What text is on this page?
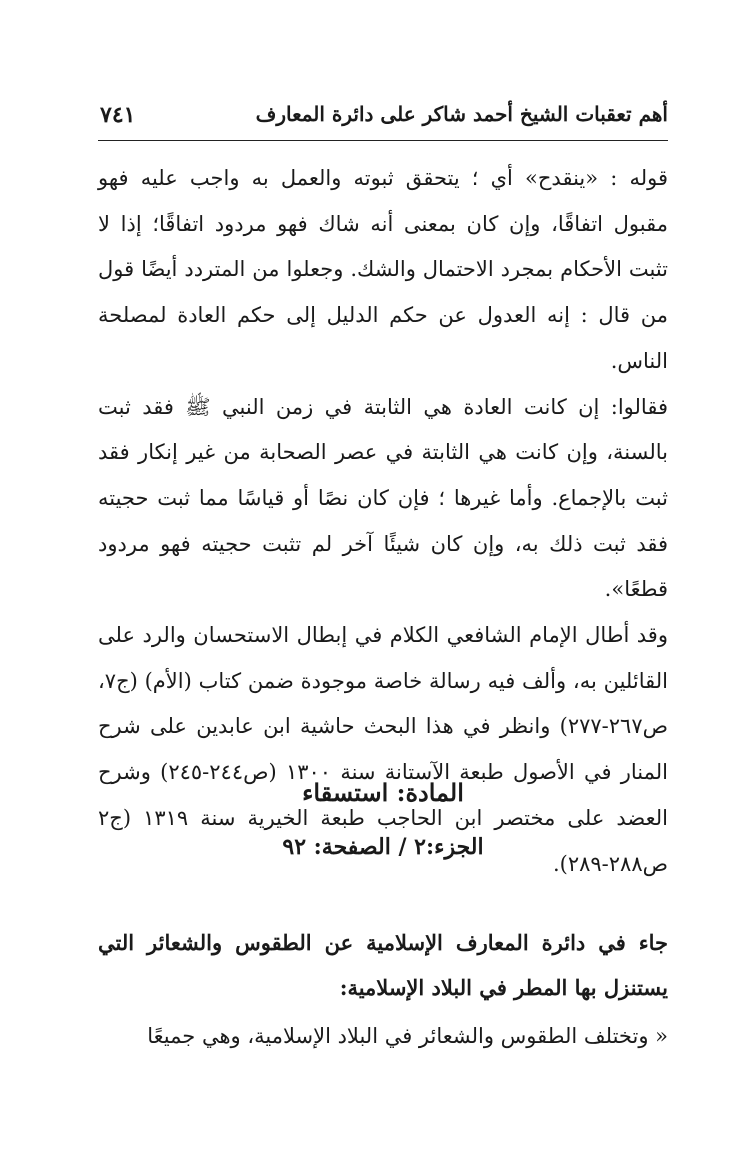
أهم تعقبات الشيخ أحمد شاكر على دائرة المعارف
٧٤١

قوله : «ينقدح» أي ؛ يتحقق ثبوته والعمل به واجب عليه فهو مقبول اتفاقًا، وإن كان بمعنى أنه شاك فهو مردود اتفاقًا؛ إذا لا تثبت الأحكام بمجرد الاحتمال والشك. وجعلوا من المتردد أيضًا قول من قال : إنه العدول عن حكم الدليل إلى حكم العادة لمصلحة الناس.

فقالوا: إن كانت العادة هي الثابتة في زمن النبي ﷺ فقد ثبت بالسنة، وإن كانت هي الثابتة في عصر الصحابة من غير إنكار فقد ثبت بالإجماع. وأما غيرها ؛ فإن كان نصًا أو قياسًا مما ثبت حجيته فقد ثبت ذلك به، وإن كان شيئًا آخر لم تثبت حجيته فهو مردود قطعًا».

وقد أطال الإمام الشافعي الكلام في إبطال الاستحسان والرد على القائلين به، وألف فيه رسالة خاصة موجودة ضمن كتاب (الأم) (ج٧، ص٢٦٧-٢٧٧) وانظر في هذا البحث حاشية ابن عابدين على شرح المنار في الأصول طبعة الآستانة سنة ١٣٠٠ (ص٢٤٤-٢٤٥) وشرح العضد على مختصر ابن الحاجب طبعة الخيرية سنة ١٣١٩ (ج٢ ص٢٨٨-٢٨٩).

المادة: استسقاء
الجزء:٢ / الصفحة: ٩٢

جاء في دائرة المعارف الإسلامية عن الطقوس والشعائر التي يستنزل بها المطر في البلاد الإسلامية:

« وتختلف الطقوس والشعائر في البلاد الإسلامية، وهي جميعًا
